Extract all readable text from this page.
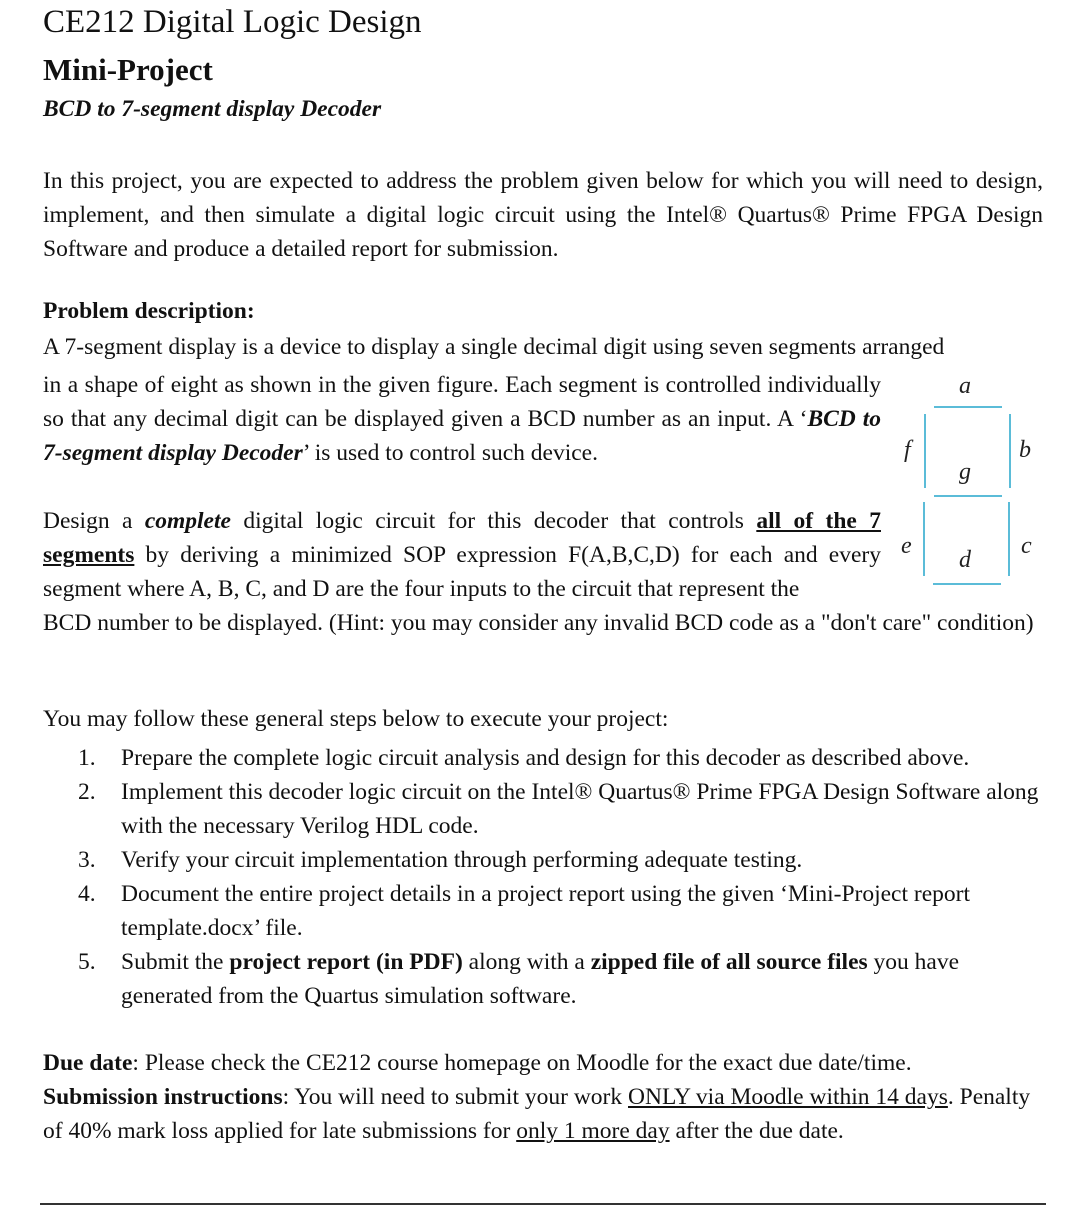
CE212 Digital Logic Design
Mini-Project
BCD to 7-segment display Decoder
In this project, you are expected to address the problem given below for which you will need to design, implement, and then simulate a digital logic circuit using the Intel® Quartus® Prime FPGA Design Software and produce a detailed report for submission.
Problem description:
A 7-segment display is a device to display a single decimal digit using seven segments arranged
in a shape of eight as shown in the given figure. Each segment is controlled individually so that any decimal digit can be displayed given a BCD number as an input. A ‘BCD to 7-segment display Decoder’ is used to control such device.
Design a complete digital logic circuit for this decoder that controls all of the 7 segments by deriving a minimized SOP expression F(A,B,C,D) for each and every segment where A, B, C, and D are the four inputs to the circuit that represent the
BCD number to be displayed. (Hint: you may consider any invalid BCD code as a "don't care" condition)
You may follow these general steps below to execute your project:
1. Prepare the complete logic circuit analysis and design for this decoder as described above.
2. Implement this decoder logic circuit on the Intel® Quartus® Prime FPGA Design Software along with the necessary Verilog HDL code.
3. Verify your circuit implementation through performing adequate testing.
4. Document the entire project details in a project report using the given ‘Mini-Project report template.docx’ file.
5. Submit the project report (in PDF) along with a zipped file of all source files you have generated from the Quartus simulation software.
Due date: Please check the CE212 course homepage on Moodle for the exact due date/time.
Submission instructions: You will need to submit your work ONLY via Moodle within 14 days. Penalty of 40% mark loss applied for late submissions for only 1 more day after the due date.
a
f	b
g
e	c
d
